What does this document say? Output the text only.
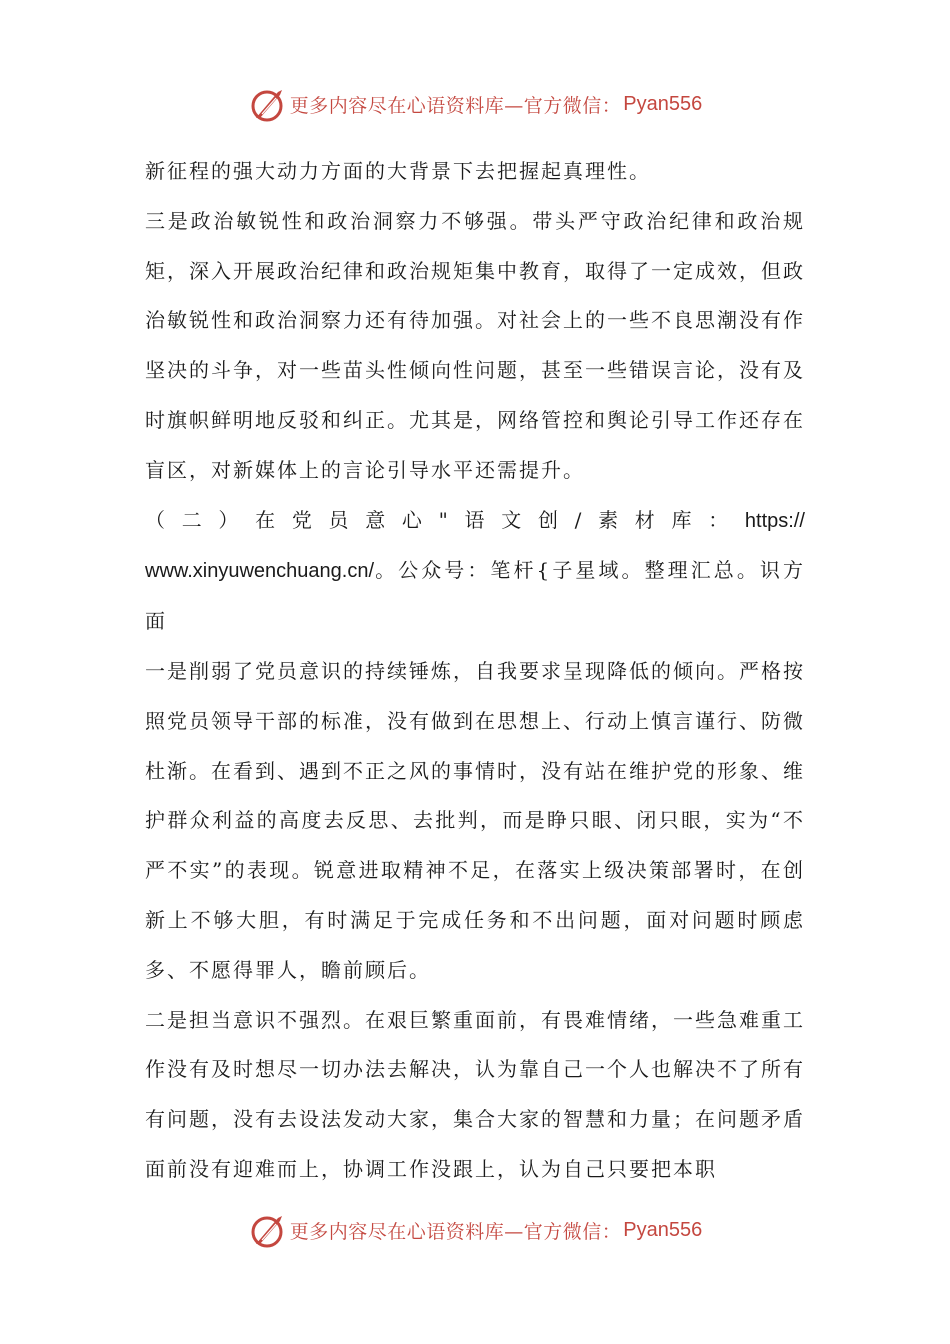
更多内容尽在心语资料库—官方微信： Pyan556

新征程的强大动力方面的大背景下去把握起真理性。

三是政治敏锐性和政治洞察力不够强。带头严守政治纪律和政治规矩，深入开展政治纪律和政治规矩集中教育，取得了一定成效，但政治敏锐性和政治洞察力还有待加强。对社会上的一些不良思潮没有作坚决的斗争，对一些苗头性倾向性问题，甚至一些错误言论，没有及时旗帜鲜明地反驳和纠正。尤其是，网络管控和舆论引导工作还存在盲区，对新媒体上的言论引导水平还需提升。

（ 二 ） 在 党 员 意 心 " 语 文 创 / 素 材 库 ： https://

www.xinyuwenchuang.cn/。公众号：笔杆{子星域。整理汇总。识方面

一是削弱了党员意识的持续锤炼，自我要求呈现降低的倾向。严格按照党员领导干部的标准，没有做到在思想上、行动上慎言谨行、防微杜渐。在看到、遇到不正之风的事情时，没有站在维护党的形象、维护群众利益的高度去反思、去批判，而是睁只眼、闭只眼，实为“不严不实”的表现。锐意进取精神不足，在落实上级决策部署时，在创新上不够大胆，有时满足于完成任务和不出问题，面对问题时顾虑多、不愿得罪人，瞻前顾后。

二是担当意识不强烈。在艰巨繁重面前，有畏难情绪，一些急难重工作没有及时想尽一切办法去解决，认为靠自己一个人也解决不了所有有问题，没有去设法发动大家，集合大家的智慧和力量；在问题矛盾面前没有迎难而上，协调工作没跟上，认为自己只要把本职

更多内容尽在心语资料库—官方微信： Pyan556
